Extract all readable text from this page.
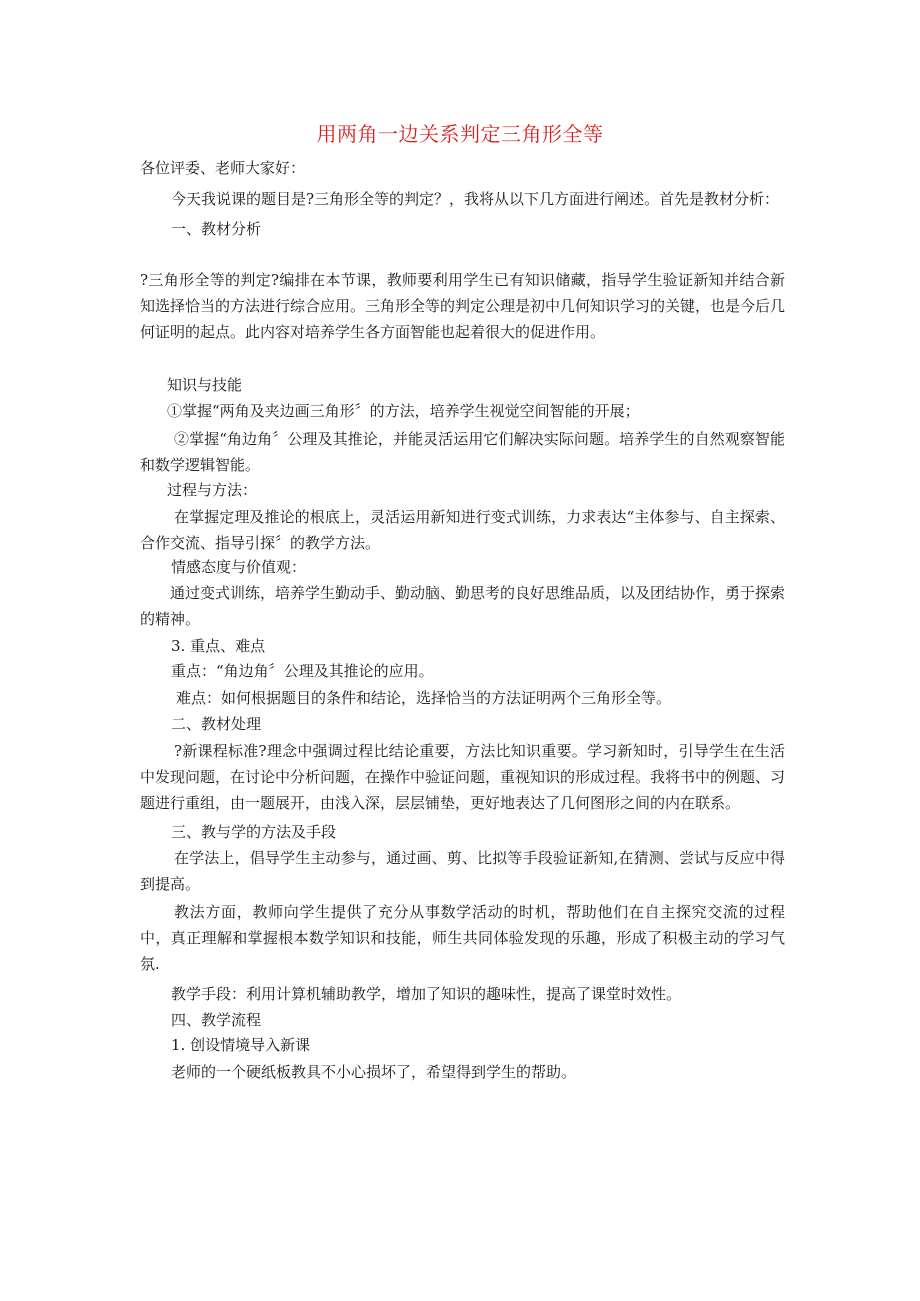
用两角一边关系判定三角形全等
各位评委、老师大家好：
今天我说课的题目是?三角形全等的判定？，我将从以下几方面进行阐述。首先是教材分析：
一、教材分析
?三角形全等的判定?编排在本节课，教师要利用学生已有知识储藏，指导学生验证新知并结合新知选择恰当的方法进行综合应用。三角形全等的判定公理是初中几何知识学习的关键，也是今后几何证明的起点。此内容对培养学生各方面智能也起着很大的促进作用。
知识与技能
①掌握“两角及夹边画三角形〞的方法，培养学生视觉空间智能的开展；
②掌握“角边角〞公理及其推论，并能灵活运用它们解决实际问题。培养学生的自然观察智能和数学逻辑智能。
过程与方法：
在掌握定理及推论的根底上，灵活运用新知进行变式训练，力求表达“主体参与、自主探索、合作交流、指导引探〞的教学方法。
情感态度与价值观：
通过变式训练，培养学生勤动手、勤动脑、勤思考的良好思维品质，以及团结协作，勇于探索的精神。
3. 重点、难点
重点：“角边角〞公理及其推论的应用。
难点：如何根据题目的条件和结论，选择恰当的方法证明两个三角形全等。
二、教材处理
?新课程标准?理念中强调过程比结论重要，方法比知识重要。学习新知时，引导学生在生活中发现问题，在讨论中分析问题，在操作中验证问题，重视知识的形成过程。我将书中的例题、习题进行重组，由一题展开，由浅入深，层层铺垫，更好地表达了几何图形之间的内在联系。
三、教与学的方法及手段
在学法上，倡导学生主动参与，通过画、剪、比拟等手段验证新知,在猜测、尝试与反应中得到提高。
教法方面，教师向学生提供了充分从事数学活动的时机，帮助他们在自主探究交流的过程中，真正理解和掌握根本数学知识和技能，师生共同体验发现的乐趣，形成了积极主动的学习气氛.
教学手段：利用计算机辅助教学，增加了知识的趣味性，提高了课堂时效性。
四、教学流程
1. 创设情境导入新课
老师的一个硬纸板教具不小心损坏了，希望得到学生的帮助。
